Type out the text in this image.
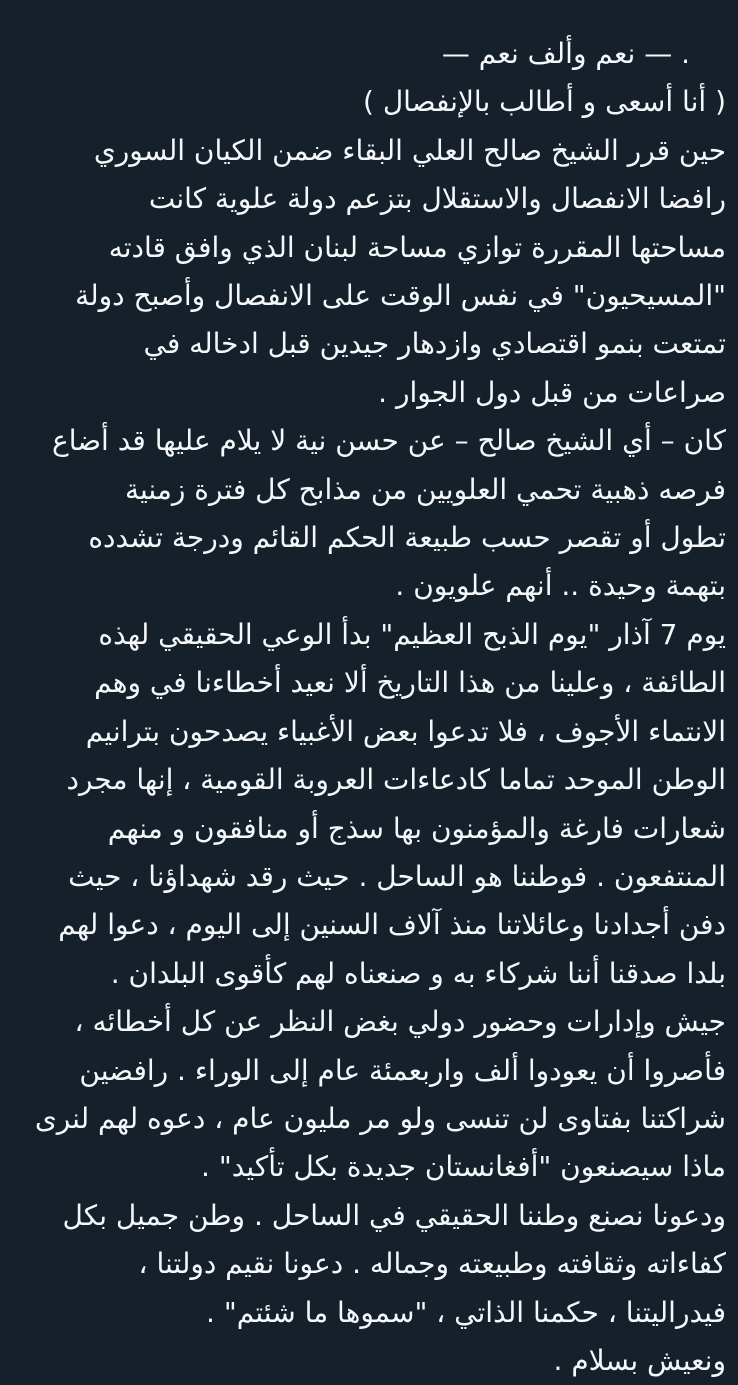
. — نعم وألف نعم —
( أنا أسعى و أطالب بالإنفصال )
حين قرر الشيخ صالح العلي البقاء ضمن الكيان السوري
رافضا الانفصال والاستقلال بتزعم دولة علوية كانت
مساحتها المقررة توازي مساحة لبنان الذي وافق قادته
"المسيحيون" في نفس الوقت على الانفصال وأصبح دولة
تمتعت بنمو اقتصادي وازدهار جيدين قبل ادخاله في
صراعات من قبل دول الجوار .
كان – أي الشيخ صالح – عن حسن نية لا يلام عليها قد أضاع
فرصه ذهبية تحمي العلويين من مذابح كل فترة زمنية
تطول أو تقصر حسب طبيعة الحكم القائم ودرجة تشدده
بتهمة وحيدة .. أنهم علويون .
يوم 7 آذار "يوم الذبح العظيم" بدأ الوعي الحقيقي لهذه
الطائفة ، وعلينا من هذا التاريخ ألا نعيد أخطاءنا في وهم
الانتماء الأجوف ، فلا تدعوا بعض الأغبياء يصدحون بترانيم
الوطن الموحد تماما كادعاءات العروبة القومية ، إنها مجرد
شعارات فارغة والمؤمنون بها سذج أو منافقون و منهم
المنتفعون . فوطننا هو الساحل . حيث رقد شهداؤنا ، حيث
دفن أجدادنا وعائلاتنا منذ آلاف السنين إلى اليوم ، دعوا لهم
بلدا صدقنا أننا شركاء به و صنعناه لهم كأقوى البلدان .
جيش وإدارات وحضور دولي بغض النظر عن كل أخطائه ،
فأصروا أن يعودوا ألف واربعمئة عام إلى الوراء . رافضين
شراكتنا بفتاوى لن تنسى ولو مر مليون عام ، دعوه لهم لنرى
ماذا سيصنعون "أفغانستان جديدة بكل تأكيد" .
ودعونا نصنع وطننا الحقيقي في الساحل . وطن جميل بكل
كفاءاته وثقافته وطبيعته وجماله . دعونا نقيم دولتنا ،
فيدراليتنا ، حكمنا الذاتي ، "سموها ما شئتم" .
ونعيش بسلام .
